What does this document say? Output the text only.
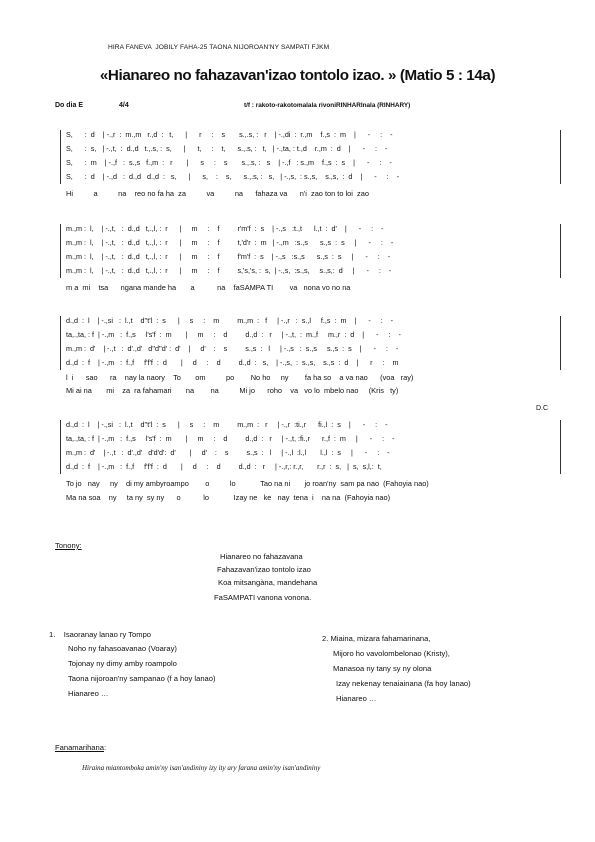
HIRA FANEVA  JOBILY FAHA-25 TAONA NIJOROAN'NY SAMPATI FJKM
«Hianareo no fahazavan'izao tontolo izao. » (Matio 5 : 14a)
Do dia E	4/4	t/f : rakoto-rakotomalala rivoniRINHARInala (RINHARY)
S,      :  d    | -.,r  :  m.,m   r.,d  :   t,      |      r     :    s       s.,.s, :   r    | -.,di  :  r.,m    f.,s  :  m    |      -     :    -
S,      :  s,   | -.,t,  :  d.,d   t.,.s, :  s,      |      t,     :    t,      s.,.s, :   t,   | -.,ta, : t.,d    r.,m  :  d    |      -     :    -
S,      :  m    | -.,f   :  s.,s   f.,m  :   r       |      s     :    s       s.,.s, :   s    | -.,f   : s.,m    f.,s  :  s    |      -     :    -
S,      :  d    | -.,d   :  d.,d   d.,d  :   s,      |      s,    :    s,      s.,.s, :   s,   | -.,s,  : s.,s,    s.,s,  :  d    |      -     :    -
Hi          a          na    reo no fa ha  za          va          na      fahaza va      n'i  zao ton to loi  zao
m.,m :  l,    | -.,t,   :  d.,d   t,.,l, :  r      |     m     :    f         r'm'f  :  s    | -.,s   :t.,t      l.,t  :  d'    |      -     :    -
m.,m :  l,    | -.,t,   :  d.,d   t,.,l, :  r      |     m     :    f         t,'d'r  :  m   | -.,m   :s.,s      s.,s  :  s     |      -     :    -
m.,m :  l,    | -.,t,   :  d.,d   t,.,l, :  r      |     m     :    f         f'm'f  :  s    | -.,s   :s.,s      s.,s  :  s     |      -     :    -
m.,m :  l,    | -.,t,   :  d.,d   t,.,l, :  r      |     m     :    f         s,'s,'s, :  s,  | -.,s,  :s.,s,     s.,s,:  d     |      -     :    -
m a  mi    tsa      ngana mande ha       a           na    faSAMPA TI        va   nona vo no na
d.,d  :  l    | -.,si   :  l.,t    d''t'l  :  s      |     s     :    m         m.,m  :   f     | -.,r   :  s.,l     f.,s  :  m    |      -     :    -
ta,.,ta, : f  | -.,m   :  f.,s     l's'f  :  m       |     m     :    d         d.,d  :   r     | -.,t,  :  m.,f     m.,r  :  d    |      -     :    -
m.,m :  d'    | -.,t   :  d'.,d'   d''d''d' :  d'    |     d'    :    s         s.,s  :   l     | -.,s   :  s.,s     s.,s  :  s    |      -     :    -
d.,d  :  f    | -.,m   :  f.,f     f'f'f  :  d       |     d     :    d         d.,d  :   s,    | -.,s,  :  s.,s,    s.,s  :  d    |      r     :    m
l  i      sao      ra    nay la naory    To       om          po        No ho     ny        fa ha so    a va nao      (voa   ray)
Mi ai na       mi    za  ra fahamari       na        na          Mi jo      roho    va   vo lo  mbelo nao     (Kris   ty)
D.C
d.,d  :  l    | -.,si   :  l.,t    d''t'l  :  s      |     s     :    m         m.,m  :   r     | -.,r  :ti.,r      fi.,l  :  s    |      -     :    -
ta,.,ta, : f  | -.,m   :  f.,s     l's'f  :  m       |     m     :    d         d.,d  :   r     | -.,t, :fi.,r      r.,f  :  m     |      -     :    -
m.,m :  d'    | -.,t   :  d'.,d'   d'd'd':  d'       |     d'    :    s         s.,s  :   l     | -.,l  :l.,l       l.,l  :  s     |      -     :    -
d.,d  :  f    | -.,m   :  f.,f     f'f'f  :  d       |     d     :    d         d.,d  :   r     | -.,r,: r.,r,       r.,r  :  s,   |  s,  s,l,:  t,
To jo   nay     ny    di my ambyroampo        o          lo            Tao na ni       jo roan'ny  sam pa nao  (Fahoyia nao)
Ma na soa    ny     ta ny  sy ny      o           lo            Izay ne   ke   nay  tena  i    na na  (Fahoyia nao)
Tonony:
Hianareo no fahazavana
Fahazavan'izao tontolo izao
Koa mitsangàna, mandehana
FaSAMPATI vanona vonona.
1.    Isaoranay lanao ry Tompo
Noho ny fahasoavanao (Voaray)
Tojonay ny dimy amby roampolo
Taona nijoroan'ny sampanao (f a hoy lanao)
Hianareo …
2. Miaina, mizara fahamarinana,
Mijoro ho vavolombelonao (Kristy),
Manasoa ny tany sy ny olona
Izay nekenay tenaiainana (fa hoy lanao)
Hianareo …
Fanamarihana:
Hiraina miantomboka amin'ny isan'andininy izy ity ary farana amin'ny isan'andininy
